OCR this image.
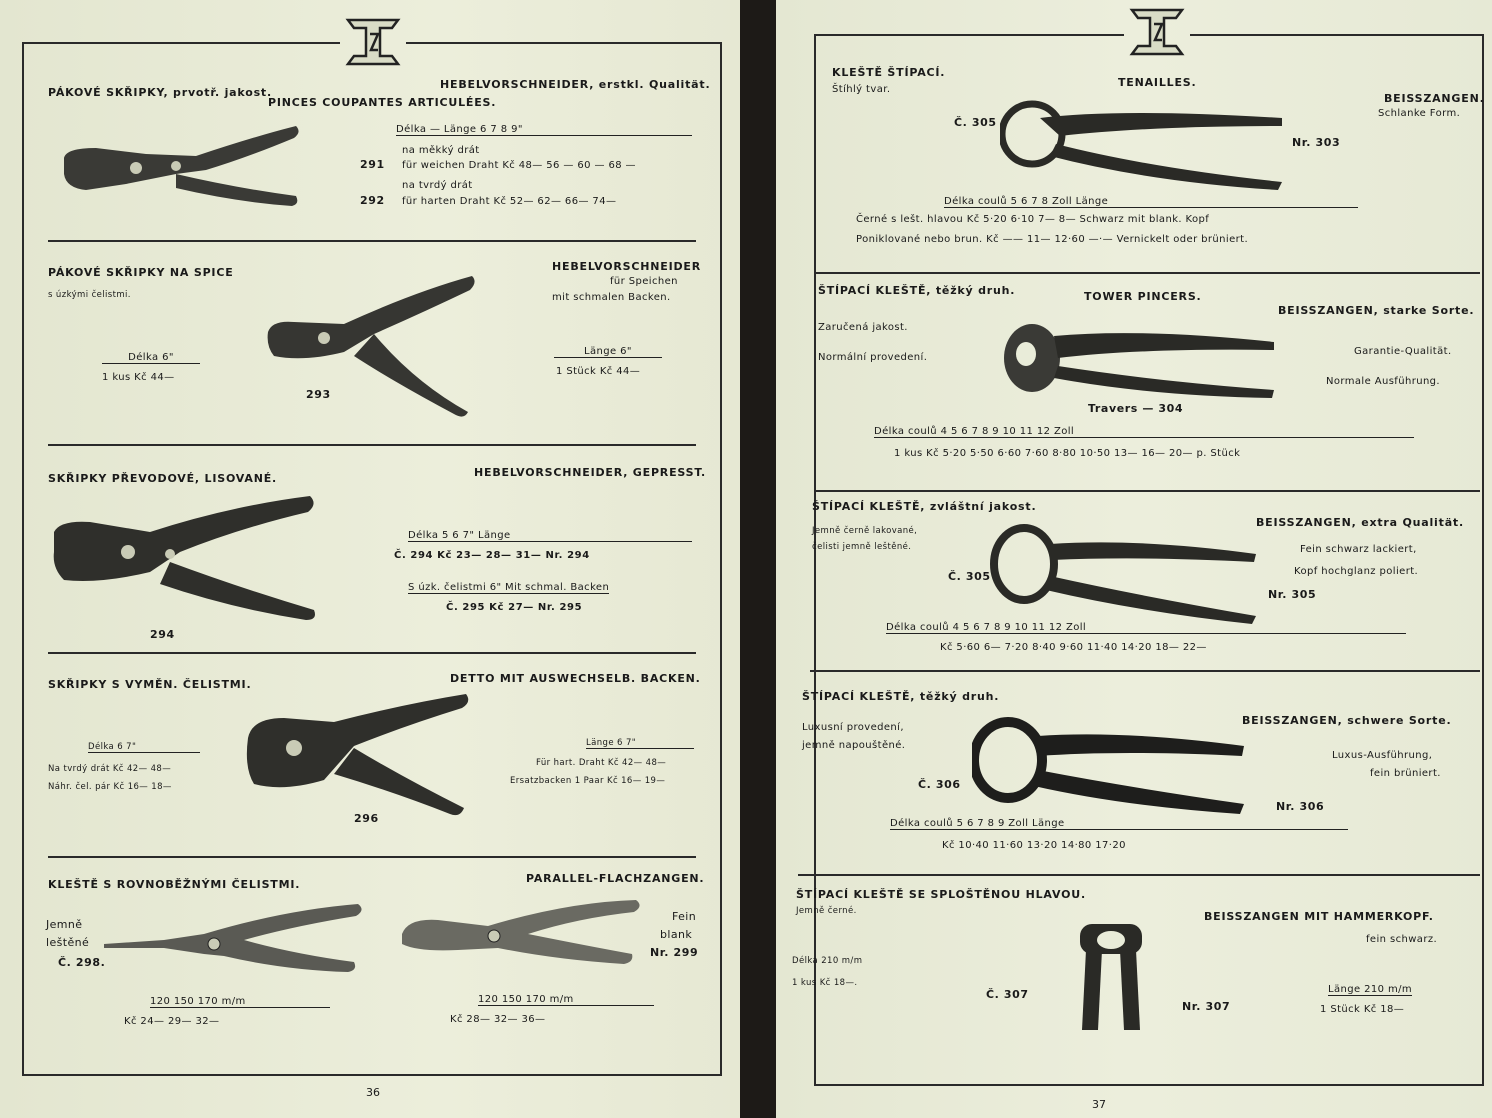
PÁKOVÉ SKŘIPKY, prvotř. jakost.
HEBELVORSCHNEIDER, erstkl. Qualität.
PINCES COUPANTES ARTICULÉES.
Délka — Länge 6 7 8 9"
291
na měkký drát
für weichen Draht Kč 48— 56 — 60 — 68 —
292
na tvrdý drát
für harten Draht Kč 52— 62— 66— 74—
PÁKOVÉ SKŘIPKY NA SPICE
s úzkými čelistmi.
HEBELVORSCHNEIDER
für Speichen
mit schmalen Backen.
Délka 6"
1 kus Kč 44—
Länge 6"
1 Stück Kč 44—
293
SKŘIPKY PŘEVODOVÉ, LISOVANÉ.	HEBELVORSCHNEIDER, GEPRESST.
Délka 5 6 7" Länge
Č. 294 Kč 23— 28— 31— Nr. 294
S úzk. čelistmi 6" Mit schmal. Backen
Č. 295 Kč 27— Nr. 295
294
SKŘIPKY S VYMĚN. ČELISTMI.	DETTO MIT AUSWECHSELB. BACKEN.
Délka 6 7"
Na tvrdý drát Kč 42— 48—
Náhr. čel. pár Kč 16— 18—
Länge 6 7"
Für hart. Draht Kč 42— 48—
Ersatzbacken 1 Paar Kč 16— 19—
296
KLEŠTĚ S ROVNOBĚŽNÝMI ČELISTMI.	PARALLEL-FLACHZANGEN.
Jemně
leštěné
Č. 298.
Fein
blank
Nr. 299
120 150 170 m/m
Kč 24— 29— 32—
120 150 170 m/m
Kč 28— 32— 36—
36
KLEŠTĚ ŠTÍPACÍ.
Štíhlý tvar.
TENAILLES.
BEISSZANGEN.
Schlanke Form.
Č. 305
Nr. 303
Délka coulů 5 6 7 8 Zoll Länge
Černé s lešt. hlavou Kč 5·20 6·10 7— 8— Schwarz mit blank. Kopf
Poniklované nebo brun. Kč —— 11— 12·60 —·— Vernickelt oder brüniert.
ŠTÍPACÍ KLEŠTĚ, těžký druh.	TOWER PINCERS.
BEISSZANGEN, starke Sorte.
Zaručená jakost.
Normální provedení.
Garantie-Qualität.
Normale Ausführung.
Travers — 304
Délka coulů 4 5 6 7 8 9 10 11 12 Zoll
1 kus Kč 5·20 5·50 6·60 7·60 8·80 10·50 13— 16— 20— p. Stück
ŠTÍPACÍ KLEŠTĚ, zvláštní jakost.
BEISSZANGEN, extra Qualität.
Jemně černě lakované,
čelisti jemně leštěné.	Fein schwarz lackiert,
Kopf hochglanz poliert.
Č. 305
Nr. 305
Délka coulů 4 5 6 7 8 9 10 11 12 Zoll
Kč 5·60 6— 7·20 8·40 9·60 11·40 14·20 18— 22—
ŠTÍPACÍ KLEŠTĚ, těžký druh.
BEISSZANGEN, schwere Sorte.
Luxusní provedení,
jemně napouštěné.
Luxus-Ausführung,
fein brüniert.
Č. 306
Nr. 306
Délka coulů 5 6 7 8 9 Zoll Länge
Kč 10·40 11·60 13·20 14·80 17·20
ŠTÍPACÍ KLEŠTĚ SE SPLOŠTĚNOU HLAVOU.
Jemně černé.	BEISSZANGEN MIT HAMMERKOPF.
fein schwarz.
Délka 210 m/m
1 kus Kč 18—.
Č. 307
Nr. 307
Länge 210 m/m
1 Stück Kč 18—
37
